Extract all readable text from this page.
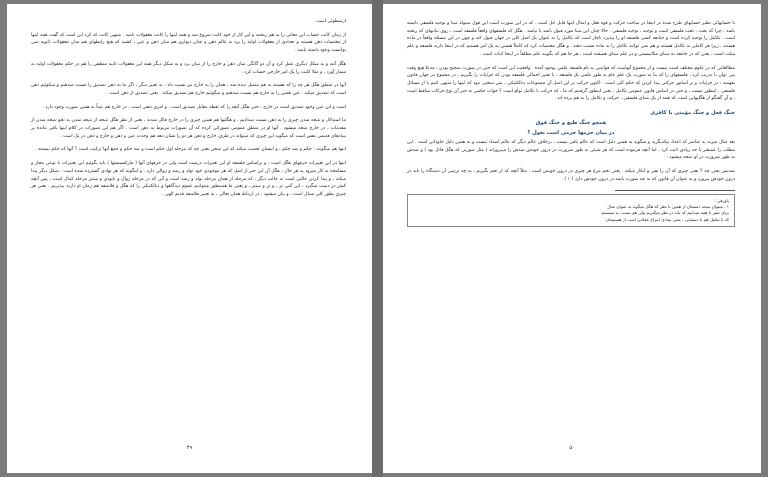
ارسطوئی است .

از زمان کانت حساب این معانی را به هم ریختند و این کار از خود کانت شروع شد و همه اینها را کانت معقولات نامید . منتهی کانت که کرد این است که گفت همه اینها از مختصات ذهن هستند و تعدادی از معقولات اولیه را برد به عالم ذهن و چنان دیواری هم میان ذهن و عین ، کشید که هیچ رابطهای هم میان معقولات ثانویه نمی توانست وجود داشته باشد .

هگل آمد و به شکل دیگری عمل کرد و آن دو گانگی میان ذهن و خارج را از میان برد و به شکل دیگر همه این معقولات ثانیه منطقی را هم در حکم معقولات اولیه به شمار آورد ، و مثلا کلیت را یک امر خارجی حساب کرد .

آنها در منطق هگل هر چه را که هستند به هم متصل دیده شد ، همان را به خارج نیز نسبت داد ، به تعبیر دیگر ، اگر ما به ذهن تصدیق را نسبت میدهیم و سکوئیم ذهن است که تصدیق میکند . عین همین را به خارج هم نسبت میدهیم و میگوئیم خارج هم تصدیق میکند . یعنی تصدیق از ذهن است .

است و این عین وجود تصدیق است در خارج ، حتی هگل آنچه را که نقطه مقابل تصدیق است ، و امری ذهنی است ، در خارج هم عیناً به همین صورت وجود دارد .

ما استدلال و نتیجه شدن چیزی را به ذهن نسبت میدادیم ، و هگلیها هم همین چیزی را در خارج قائل شدند ، یعنی از نظر هگل نتیجه از نتیجه شدن به نحو نتیجه شدن از مقدمات ، در خارج نتیجه میشود . آنها او در منطق عمومی تصوراتی کرده که آن تصورات مربوط به ذهن است . اگر هم این تصورات در کلام اینها باقی مانده بر بنیادهای قدیمی نقص است که میگوید این چیزی که میتواند در طرف خارج و ذهن هر دو را نشان دهد هم وحدت عین و ذهن و خارج و ذهن در یک است .

اینها هم میگویند : حکم و ضد حکم ، و اینسان تعصب میکند که این سخن یعنی چه که مرحله اول حکم است و ضد حکم و جمع آنها ترکیب است ؟ آنها که حکم نیستند .

اینها در این تغییرات حرفهای هگل است ، و براساس فلسفه او این تغییرات درست است ولی در حرفهای آنها ( مارکسیستها ) باید بگوئیم این تغییرات با نوعی مجاز و مسامحه به کار میرود به هر حال ، هگل آن این خیر از اصل که هر موجودی خود تولد و رشد و زوالی دارد . و اینگونه که هر نهادی گسترده شده است ، شکل دیگر پیدا میکند ، و پیدا کردن حالتی است نه حالت دیگر ، که مرحله از همان مرحله تولد و رشد است و آنی که در مرحله زوال و نابودی و سنتز مرحله کمال است ، پس آنچه کمتر در دست میگیرد ، این آنتی تز ، و تز و سنتز ، و یعنی ما همینطور میتوانیم عموم دیدگاهها و دیالکتیکی را که هگل و فلاسفه هم زمان او دارند بپذیریم . یعنی هر چیزی بطور کلی سیال است ، و بیان میشود ، در ارتباط همان تعالی ، به تعبیر فلاسفه قدیم الهی .

۴۹

با حسابهائی نظیر حسابهای طرح شده در اینجا در مباحث حرکت و قوه فعل و امثال اینها قابل حل است . که در این صورت است این قول مبتولد مبنا و توجیه فلسفی داشته باشد ، چرا که بحث ، تحت فلسفی است و توجیه ، توجیه فلسفی . حالا چنان این مبنا مورد قبول باشد یا نباشد . هگل که فلسفهای واقعاً فلسفه است ، روی تبانیهای که ریخته است ، تکامل را توجیه کرده است و جنابعه کسی فلسفه او را بپذیرد ناچار است که تکامل را به عنوان یک اصل کلی در جهان قبول کند و چون در این مسئله واقعاً در ماده هستند ، زیرا هر کاملی به تکامل هستند و هم نمی توانند تکامل را به ماده نسبت دهند . و هگل مختصات کرد که کاملاً هستی به یک امر هستیم که در اینجا دارند فلسفه و علم سلب است ، یعنی که در جامعه به مبنای مکانیسمی و در علم مبنای همیشه است ، هر جا هم که بگویند علم مطلقاً در اینجا اثبات است .

مطالعاتی که در علوم مختلف است نیست و از مجموع آنهاست که قوانینی به نام فلسفه علمی بوجود آمده . واقعیت این است که حتی در صورت صحیح بودن ، مدعا هیچ وقت بنی توان با تدریب کرد ، فلسفهای را که بنا به صورت یک علم عام به طور علمی یک فلسفه ، با تعبیر اجمالی فلسفه بودن که جزئیات را بگیریم ، در مجموع در جهان قانون بفهمند ، در جزئیات و بر اساس حرکتی پیدا کردن که حکم کلی است . اکنون حرکت بر این اصل آن مصنوعات دیالکتیکی ، پس سختی نبود که اینها را منتهی کنیم یا از مسائل فلسفی ، اینطور نیست ، و حتی در اساس قانون عمومی تکامل ، یعنی اینطور گرفتیم که ما ، که حرکت با تکامل توأم است ؟ جواب حکمی نه خیر آن نوع حرکات ساقط است ، و آن گفتگو از هگلیهایی است که همه از یک مبنای فلسفی ، حرکت و تکامل را به هم برده اند .

جنگ فعل و جنگ مؤمنی با کافری
همچو جنگ طبع و جنگ فوق
در میان جرمها جرمی است بغول ؟

بعد مثال میزند به عناصر که اعداد بیکدیگرند و میگوید به همین دلیل است که عالم باقی نیست ، برخلاف عالم دیگر که عالم اضداد نیست و به همین دلیل جاودانی است . این مطلب را عمیقتر با حد زیادی ثابت کرد . اما آنچه فرموده است که هر شیئی به طور ضرورت در درون خودش ضدش را میپروراند ( مثل صورتی که هگل قائل بود ) و ضدش به طور ضرورت در او نتیجه میشود .

ضدیش یعنی چه ؟ یعنی چیزی که آن را نفی و انکار میکند . یعنی تخم مرغ هر چیزی در درون خویش است . مثلاً آنچه که از تخم بگیریم ، به چه ترتیبی آن دستگاه را باید در درون خودش بپرورد و به عنوان آن قانون که به چه صورت باشد در درون خودش دارد ( ۱ ) .

پاورقی :
۱ . میتوان نتیجه دستمان از همین با نظر که هگل میگوید به عنوان مثال
برای تمیز با همه میدانیم که باید در نظر میگیریم ولی هم نسبت به سیستم
که با تحلیل هم با دستیابی ، یعنی بنیادی انتزاع عقلانی است از هستیمان .
۵۰
